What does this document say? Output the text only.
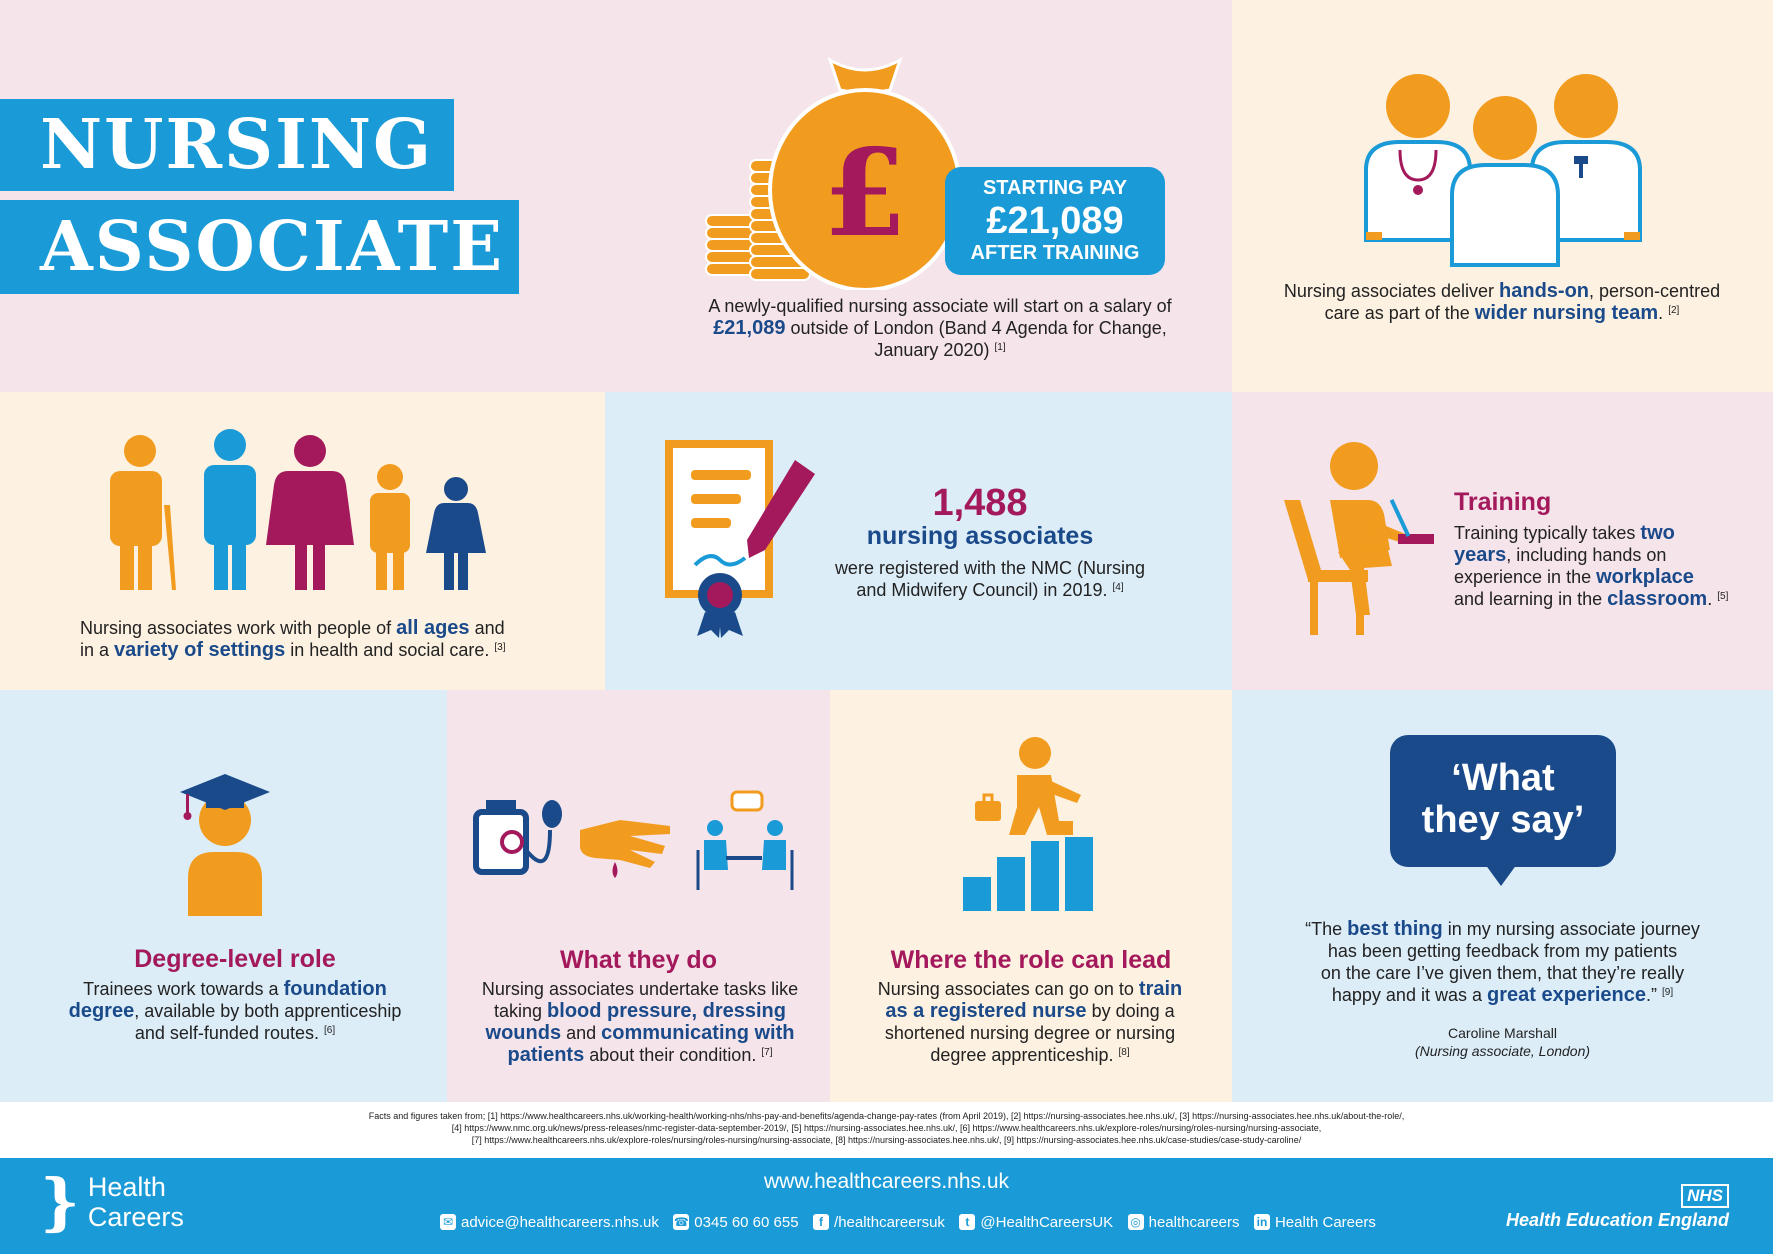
NURSING
ASSOCIATE	£	STARTING PAY
£21,089
AFTER TRAINING
A newly-qualified nursing associate will start on a salary of
£21,089 outside of London (Band 4 Agenda for Change,
January 2020) [1]
Nursing associates deliver hands-on, person-centred
care as part of the wider nursing team. [2]
Nursing associates work with people of all ages and
in a variety of settings in health and social care. [3]
1,488
nursing associates
were registered with the NMC (Nursing
and Midwifery Council) in 2019. [4]
Training
Training typically takes two
years, including hands on
experience in the workplace
and learning in the classroom. [5]
Degree-level role
Trainees work towards a foundation
degree, available by both apprenticeship
and self-funded routes. [6]
What they do
Nursing associates undertake tasks like
taking blood pressure, dressing
wounds and communicating with
patients about their condition. [7]
Where the role can lead
Nursing associates can go on to train
as a registered nurse by doing a
shortened nursing degree or nursing
degree apprenticeship. [8]
‘What
they say’
“The best thing in my nursing associate journey
has been getting feedback from my patients
on the care I’ve given them, that they’re really
happy and it was a great experience.” [9]
Caroline Marshall
(Nursing associate, London)
Facts and figures taken from; [1] https://www.healthcareers.nhs.uk/working-health/working-nhs/nhs-pay-and-benefits/agenda-change-pay-rates (from April 2019), [2] https://nursing-associates.hee.nhs.uk/, [3] https://nursing-associates.hee.nhs.uk/about-the-role/,
[4] https://www.nmc.org.uk/news/press-releases/nmc-register-data-september-2019/, [5] https://nursing-associates.hee.nhs.uk/, [6] https://www.healthcareers.nhs.uk/explore-roles/nursing/roles-nursing/nursing-associate,
[7] https://www.healthcareers.nhs.uk/explore-roles/nursing/roles-nursing/nursing-associate, [8] https://nursing-associates.hee.nhs.uk/, [9] https://nursing-associates.hee.nhs.uk/case-studies/case-study-caroline/
} Health
Careers
www.healthcareers.nhs.uk
✉ advice@healthcareers.nhs.uk
☎ 0345 60 60 655
	f /healthcareersuk
	t @HealthCareersUK
◎ healthcareers
in Health Careers
NHS
Health Education England
